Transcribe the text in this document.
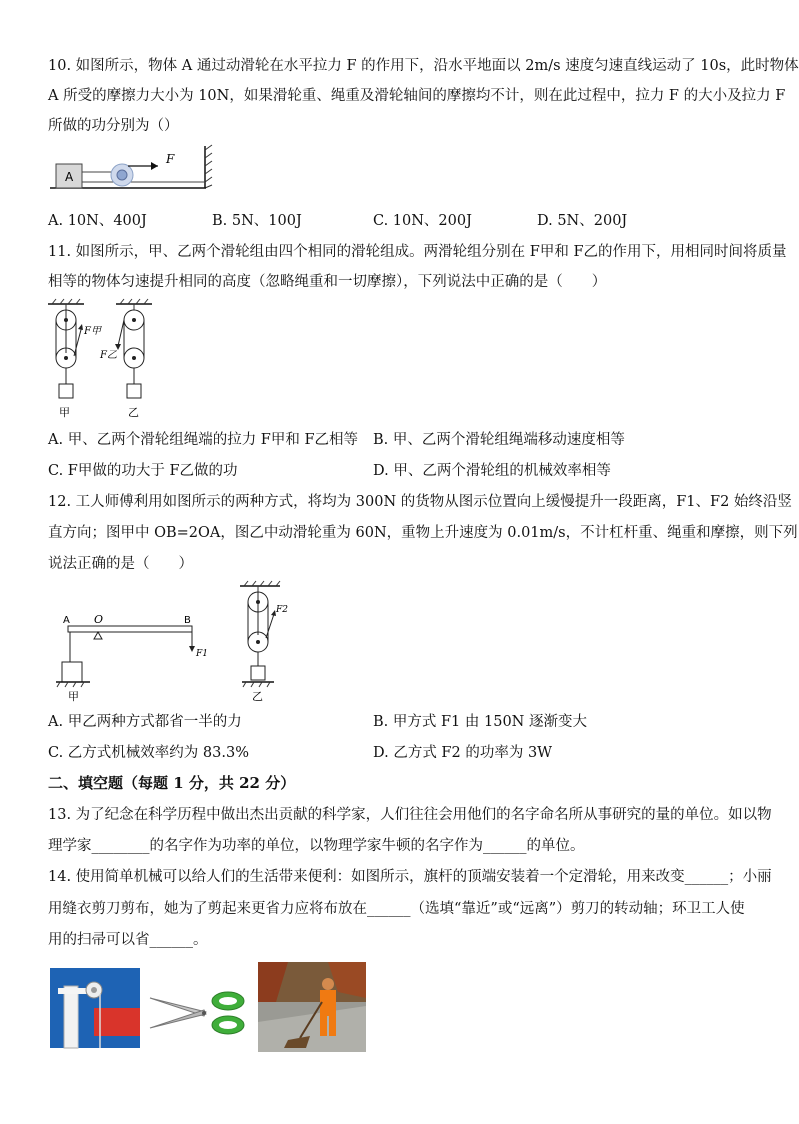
10. 如图所示，物体 A 通过动滑轮在水平拉力 F 的作用下，沿水平地面以 2m/s 速度匀速直线运动了 10s，此时物体
A 所受的摩擦力大小为 10N，如果滑轮重、绳重及滑轮轴间的摩擦均不计，则在此过程中，拉力 F 的大小及拉力 F
所做的功分别为（）
A
F
A. 10N、400J	B. 5N、100J	C. 10N、200J	D. 5N、200J
11. 如图所示，甲、乙两个滑轮组由四个相同的滑轮组成。两滑轮组分别在 F甲和 F乙的作用下，用相同时间将质量
相等的物体匀速提升相同的高度（忽略绳重和一切摩擦），下列说法中正确的是（　　）
F甲
甲
F乙
乙
A. 甲、乙两个滑轮组绳端的拉力 F甲和 F乙相等 B. 甲、乙两个滑轮组绳端移动速度相等
C. F甲做的功大于 F乙做的功	D. 甲、乙两个滑轮组的机械效率相等
12. 工人师傅利用如图所示的两种方式，将均为 300N 的货物从图示位置向上缓慢提升一段距离，F1、F2 始终沿竖
直方向；图甲中 OB=2OA，图乙中动滑轮重为 60N，重物上升速度为 0.01m/s，不计杠杆重、绳重和摩擦，则下列
说法正确的是（　　）
A O	B
F1
甲
F2
乙
A. 甲乙两种方式都省一半的力	B. 甲方式 F1 由 150N 逐渐变大
C. 乙方式机械效率约为 83.3%	D. 乙方式 F2 的功率为 3W
二、填空题（每题 1 分，共 22 分）
13. 为了纪念在科学历程中做出杰出贡献的科学家，人们往往会用他们的名字命名所从事研究的量的单位。如以物
理学家________的名字作为功率的单位，以物理学家牛顿的名字作为______的单位。
14. 使用简单机械可以给人们的生活带来便利：如图所示，旗杆的顶端安装着一个定滑轮，用来改变______；小丽
用缝衣剪刀剪布，她为了剪起来更省力应将布放在______（选填“靠近”或“远离”）剪刀的转动轴；环卫工人使
用的扫帚可以省______。
